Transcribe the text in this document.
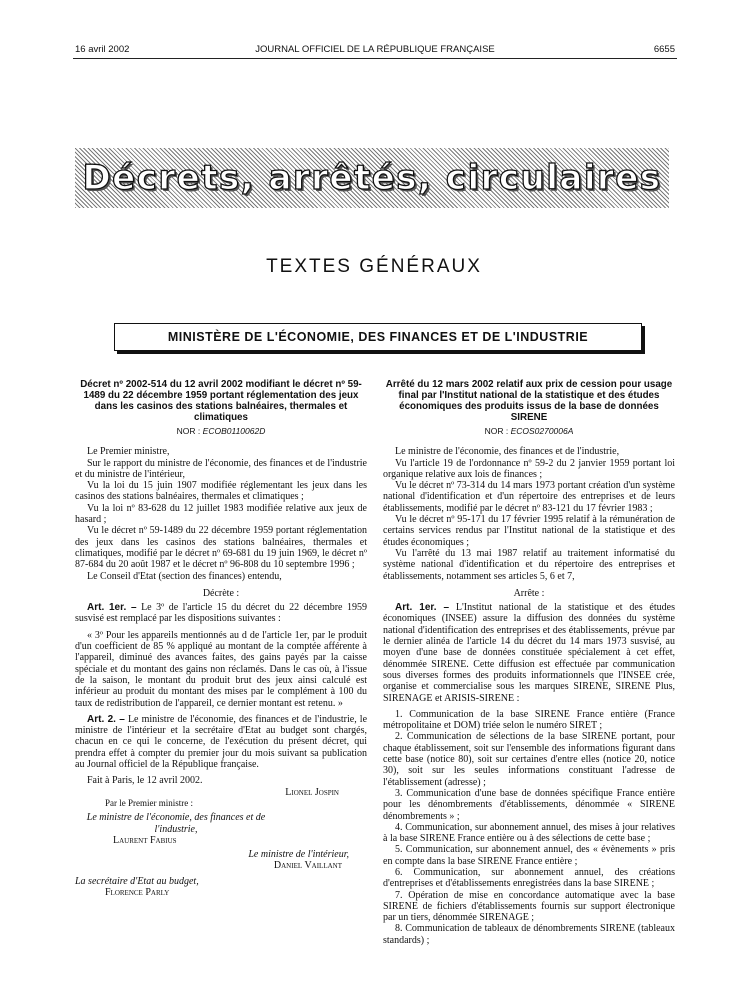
16 avril 2002	JOURNAL OFFICIEL DE LA RÉPUBLIQUE FRANÇAISE	6655
Décrets, arrêtés, circulaires
TEXTES GÉNÉRAUX
MINISTÈRE DE L'ÉCONOMIE, DES FINANCES ET DE L'INDUSTRIE
Décret nº 2002-514 du 12 avril 2002 modifiant le décret nº 59-1489 du 22 décembre 1959 portant réglementation des jeux dans les casinos des stations balnéaires, thermales et climatiques
NOR : ECOB0110062D

Le Premier ministre,

Sur le rapport du ministre de l'économie, des finances et de l'industrie et du ministre de l'intérieur,

Vu la loi du 15 juin 1907 modifiée réglementant les jeux dans les casinos des stations balnéaires, thermales et climatiques ;

Vu la loi nº 83-628 du 12 juillet 1983 modifiée relative aux jeux de hasard ;

Vu le décret nº 59-1489 du 22 décembre 1959 portant réglementation des jeux dans les casinos des stations balnéaires, thermales et climatiques, modifié par le décret nº 69-681 du 19 juin 1969, le décret nº 87-684 du 20 août 1987 et le décret nº 96-808 du 10 septembre 1996 ;

Le Conseil d'Etat (section des finances) entendu,

Décrète :

Art. 1er. – Le 3º de l'article 15 du décret du 22 décembre 1959 susvisé est remplacé par les dispositions suivantes :

« 3º Pour les appareils mentionnés au d de l'article 1er, par le produit d'un coefficient de 85 % appliqué au montant de la comptée afférente à l'appareil, diminué des avances faites, des gains payés par la caisse spéciale et du montant des gains non réclamés. Dans le cas où, à l'issue de la saison, le montant du produit brut des jeux ainsi calculé est inférieur au produit du montant des mises par le complément à 100 du taux de redistribution de l'appareil, ce dernier montant est retenu. »

Art. 2. – Le ministre de l'économie, des finances et de l'industrie, le ministre de l'intérieur et la secrétaire d'Etat au budget sont chargés, chacun en ce qui le concerne, de l'exécution du présent décret, qui prendra effet à compter du premier jour du mois suivant sa publication au Journal officiel de la République française.

Fait à Paris, le 12 avril 2002.

Lionel Jospin

Par le Premier ministre :

Le ministre de l'économie, des finances et de l'industrie,

Laurent Fabius

Le ministre de l'intérieur,

Daniel Vaillant

La secrétaire d'Etat au budget,

Florence Parly

Arrêté du 12 mars 2002 relatif aux prix de cession pour usage final par l'Institut national de la statistique et des études économiques des produits issus de la base de données SIRENE
NOR : ECOS0270006A

Le ministre de l'économie, des finances et de l'industrie,

Vu l'article 19 de l'ordonnance nº 59-2 du 2 janvier 1959 portant loi organique relative aux lois de finances ;

Vu le décret nº 73-314 du 14 mars 1973 portant création d'un système national d'identification et d'un répertoire des entreprises et de leurs établissements, modifié par le décret nº 83-121 du 17 février 1983 ;

Vu le décret nº 95-171 du 17 février 1995 relatif à la rémunération de certains services rendus par l'Institut national de la statistique et des études économiques ;

Vu l'arrêté du 13 mai 1987 relatif au traitement informatisé du système national d'identification et du répertoire des entreprises et établissements, notamment ses articles 5, 6 et 7,

Arrête :

Art. 1er. – L'Institut national de la statistique et des études économiques (INSEE) assure la diffusion des données du système national d'identification des entreprises et des établissements, prévue par le dernier alinéa de l'article 14 du décret du 14 mars 1973 susvisé, au moyen d'une base de données constituée spécialement à cet effet, dénommée SIRENE. Cette diffusion est effectuée par communication sous diverses formes des produits informationnels que l'INSEE crée, organise et commercialise sous les marques SIRENE, SIRENE Plus, SIRENAGE et ARISIS-SIRENE :

1. Communication de la base SIRENE France entière (France métropolitaine et DOM) triée selon le numéro SIRET ;

2. Communication de sélections de la base SIRENE portant, pour chaque établissement, soit sur l'ensemble des informations figurant dans cette base (notice 80), soit sur certaines d'entre elles (notice 20, notice 30), soit sur les seules informations constituant l'adresse de l'établissement (adresse) ;

3. Communication d'une base de données spécifique France entière pour les dénombrements d'établissements, dénommée « SIRENE dénombrements » ;

4. Communication, sur abonnement annuel, des mises à jour relatives à la base SIRENE France entière ou à des sélections de cette base ;

5. Communication, sur abonnement annuel, des « évènements » pris en compte dans la base SIRENE France entière ;

6. Communication, sur abonnement annuel, des créations d'entreprises et d'établissements enregistrées dans la base SIRENE ;

7. Opération de mise en concordance automatique avec la base SIRENE de fichiers d'établissements fournis sur support électronique par un tiers, dénommée SIRENAGE ;

8. Communication de tableaux de dénombrements SIRENE (tableaux standards) ;
